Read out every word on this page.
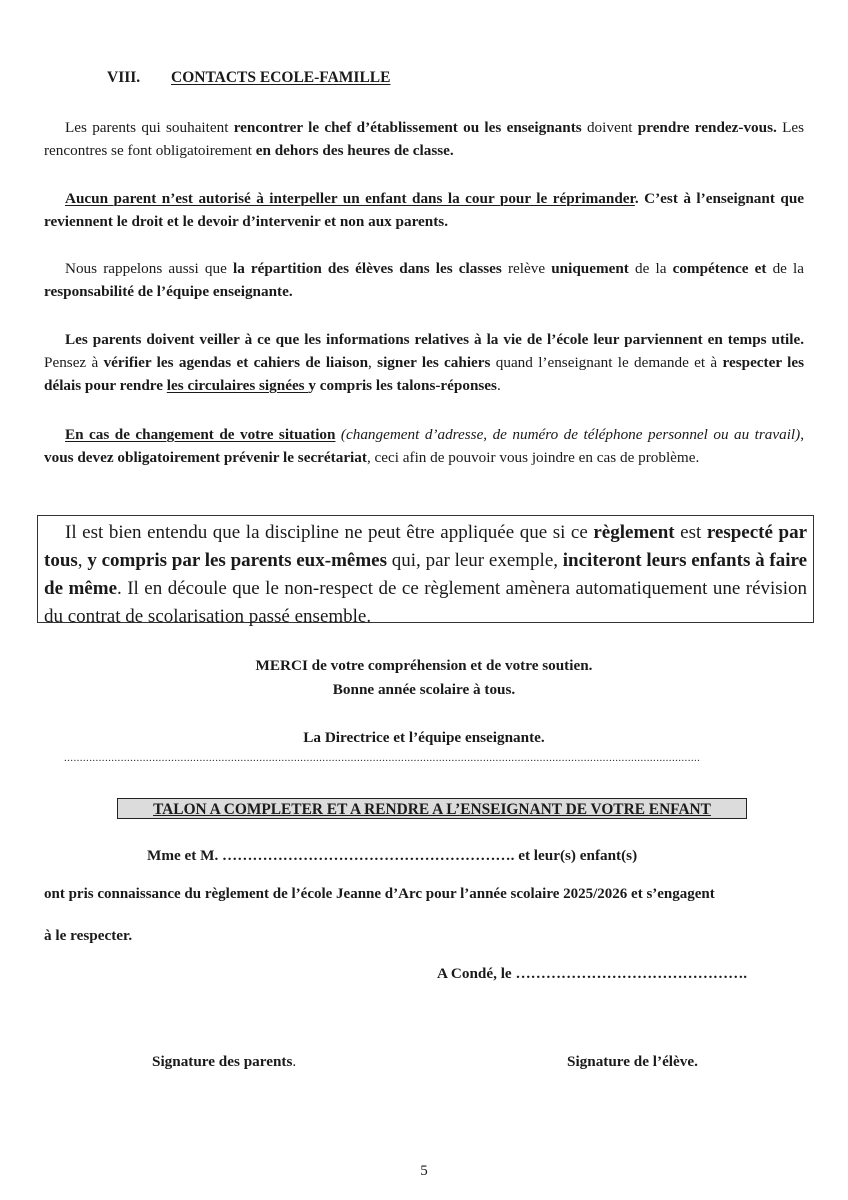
VIII. CONTACTS ECOLE-FAMILLE
Les parents qui souhaitent rencontrer le chef d’établissement ou les enseignants doivent prendre rendez-vous. Les rencontres se font obligatoirement en dehors des heures de classe.
Aucun parent n’est autorisé à interpeller un enfant dans la cour pour le réprimander. C’est à l’enseignant que reviennent le droit et le devoir d’intervenir et non aux parents.
Nous rappelons aussi que la répartition des élèves dans les classes relève uniquement de la compétence et de la responsabilité de l’équipe enseignante.
Les parents doivent veiller à ce que les informations relatives à la vie de l’école leur parviennent en temps utile. Pensez à vérifier les agendas et cahiers de liaison, signer les cahiers quand l’enseignant le demande et à respecter les délais pour rendre les circulaires signées y compris les talons-réponses.
En cas de changement de votre situation (changement d’adresse, de numéro de téléphone personnel ou au travail), vous devez obligatoirement prévenir le secrétariat, ceci afin de pouvoir vous joindre en cas de problème.
Il est bien entendu que la discipline ne peut être appliquée que si ce règlement est respecté par tous, y compris par les parents eux-mêmes qui, par leur exemple, inciteront leurs enfants à faire de même. Il en découle que le non-respect de ce règlement amènera automatiquement une révision du contrat de scolarisation passé ensemble.
MERCI de votre compréhension et de votre soutien.
Bonne année scolaire à tous.
La Directrice et l’équipe enseignante.
..........................................................................................................................................................................................................
TALON A COMPLETER ET A RENDRE A L’ENSEIGNANT DE VOTRE ENFANT
Mme et M. …………………………………………………. et leur(s) enfant(s)
ont pris connaissance du règlement de l’école Jeanne d’Arc pour l’année scolaire 2025/2026 et s’engagent
à le respecter.
A Condé, le ……………………………………….
Signature des parents.	Signature de l’élève.
5
